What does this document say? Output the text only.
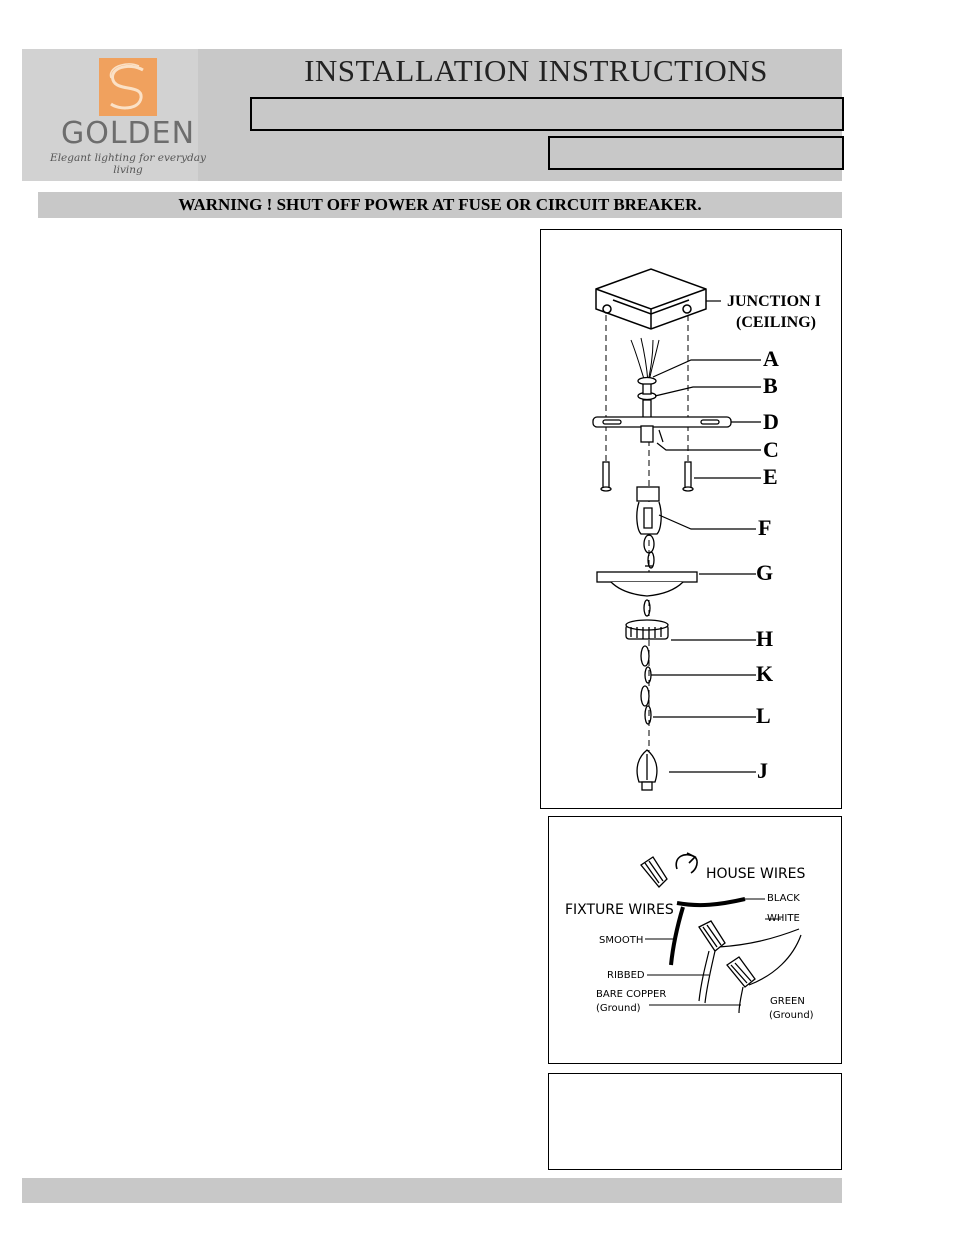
GOLDEN
Elegant lighting for everyday living
INSTALLATION INSTRUCTIONS
WARNING ! SHUT OFF POWER AT FUSE OR CIRCUIT BREAKER.
JUNCTION I
(CEILING)
A
B
D
C
E
F
G
H
K
L
J
HOUSE WIRES
FIXTURE WIRES
BLACK
WHITE
SMOOTH
RIBBED
BARE COPPER
(Ground)
GREEN
(Ground)
